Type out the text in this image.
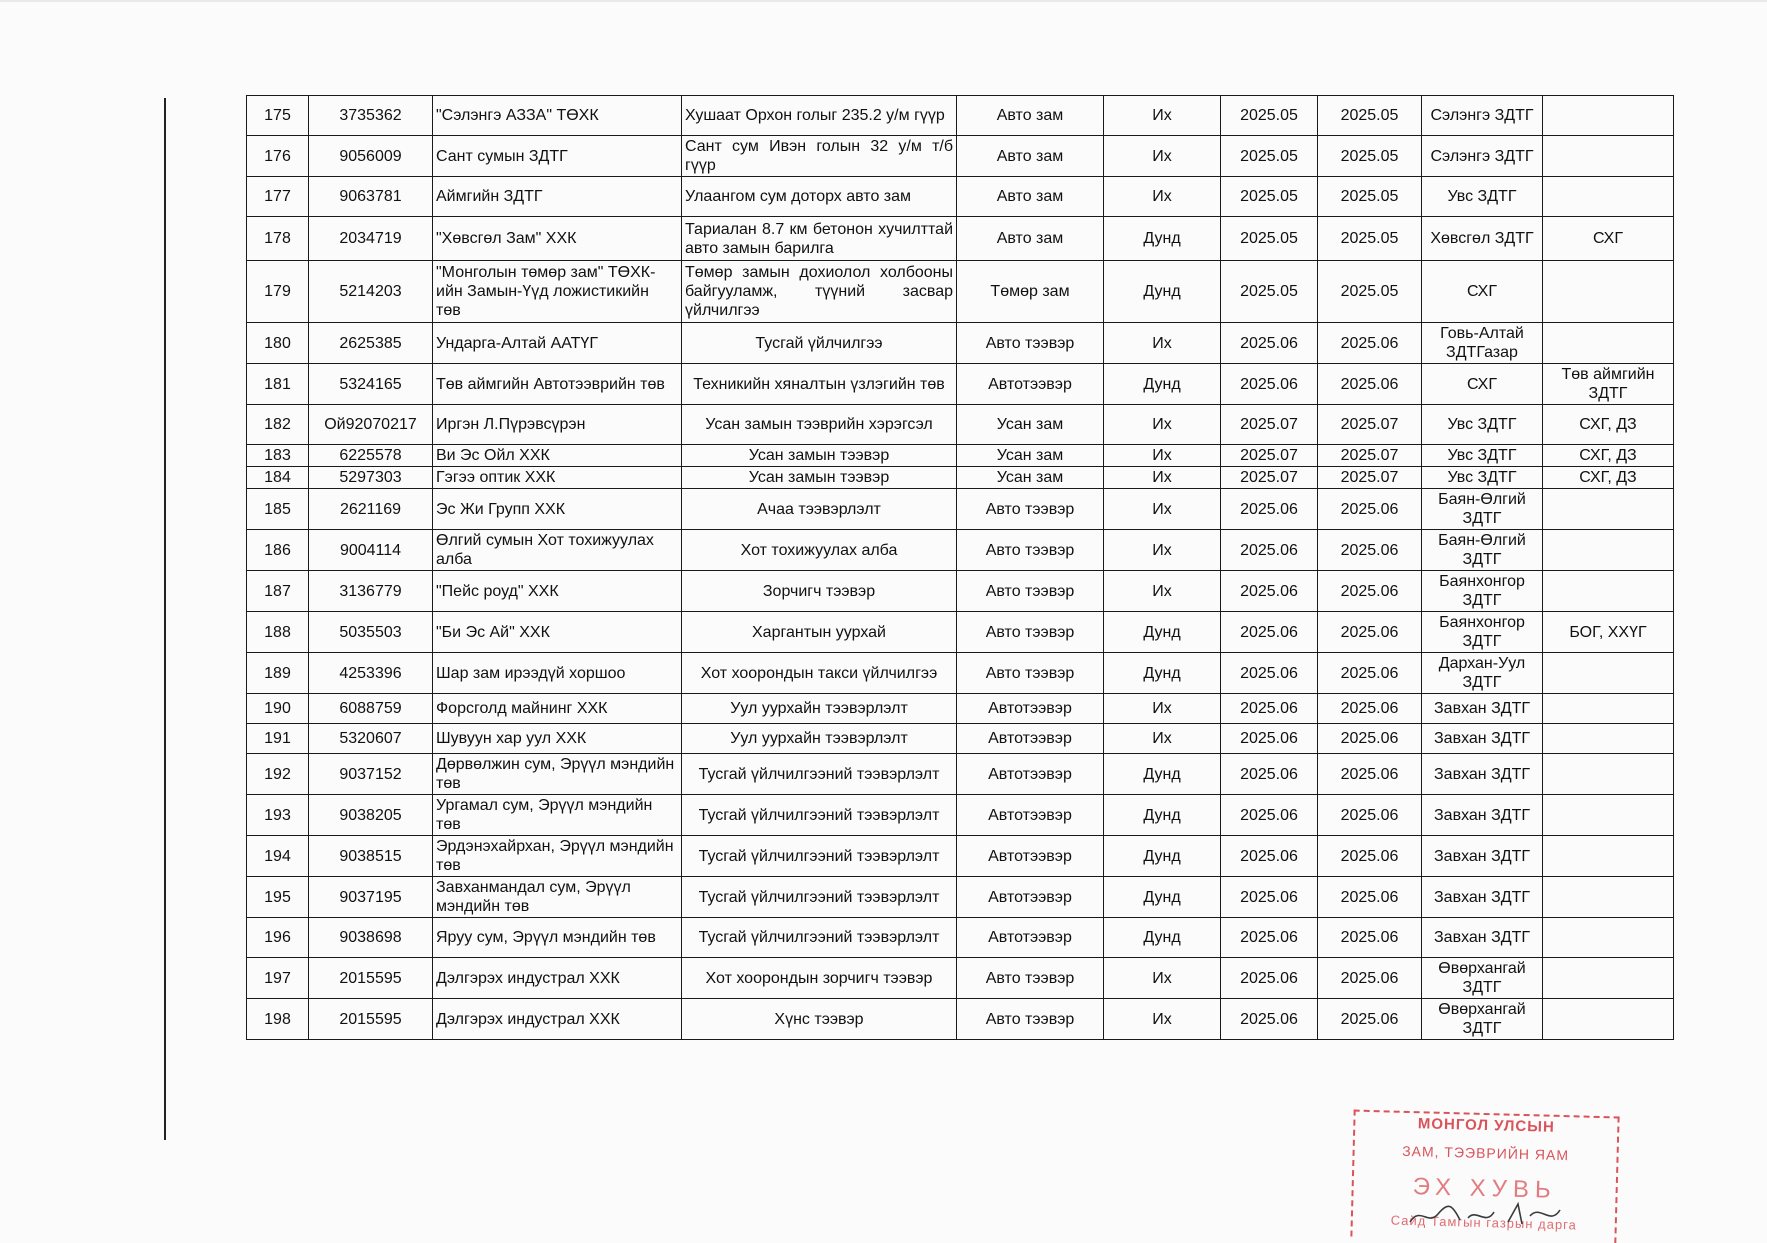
175	3735362	"Сэлэнгэ АЗЗА" ТӨХК	Хушаат Орхон голыг 235.2 у/м гүүр	Авто зам	Их	2025.05	2025.05	Сэлэнгэ ЗДТГ	
176	9056009	Сант сумын ЗДТГ	Сант сум Ивэн голын 32 у/м т/б гүүр	Авто зам	Их	2025.05	2025.05	Сэлэнгэ ЗДТГ	
177	9063781	Аймгийн ЗДТГ	Улаангом сум доторх авто зам	Авто зам	Их	2025.05	2025.05	Увс ЗДТГ	
178	2034719	"Хөвсгөл Зам" ХХК	Тариалан 8.7 км бетонон хучилттай авто замын барилга	Авто зам	Дунд	2025.05	2025.05	Хөвсгөл ЗДТГ	СХГ
179	5214203	"Монголын төмөр зам" ТӨХК-ийн Замын-Үүд ложистикийн төв	Төмөр замын дохиолол холбооны байгууламж, түүний засвар үйлчилгээ	Төмөр зам	Дунд	2025.05	2025.05	СХГ	
180	2625385	Ундарга-Алтай ААТҮГ	Тусгай үйлчилгээ	Авто тээвэр	Их	2025.06	2025.06	Говь-Алтай ЗДТГазар	
181	5324165	Төв аймгийн Автотээврийн төв	Техникийн хяналтын үзлэгийн төв	Автотээвэр	Дунд	2025.06	2025.06	СХГ	Төв аймгийн ЗДТГ
182	Ой92070217	Иргэн Л.Пүрэвсүрэн	Усан замын тээврийн хэрэгсэл	Усан зам	Их	2025.07	2025.07	Увс ЗДТГ	СХГ, ДЗ
183	6225578	Ви Эс Ойл ХХК	Усан замын тээвэр	Усан зам	Их	2025.07	2025.07	Увс ЗДТГ	СХГ, ДЗ
184	5297303	Гэгээ оптик ХХК	Усан замын тээвэр	Усан зам	Их	2025.07	2025.07	Увс ЗДТГ	СХГ, ДЗ
185	2621169	Эс Жи Групп ХХК	Ачаа тээвэрлэлт	Авто тээвэр	Их	2025.06	2025.06	Баян-Өлгий ЗДТГ	
186	9004114	Өлгий сумын Хот тохижуулах алба	Хот тохижуулах алба	Авто тээвэр	Их	2025.06	2025.06	Баян-Өлгий ЗДТГ	
187	3136779	"Пейс роуд" ХХК	Зорчигч тээвэр	Авто тээвэр	Их	2025.06	2025.06	Баянхонгор ЗДТГ	
188	5035503	"Би Эс Ай" ХХК	Харгантын уурхай	Авто тээвэр	Дунд	2025.06	2025.06	Баянхонгор ЗДТГ	БОГ, ХХҮГ
189	4253396	Шар зам ирээдүй хоршоо	Хот хоорондын такси үйлчилгээ	Авто тээвэр	Дунд	2025.06	2025.06	Дархан-Уул ЗДТГ	
190	6088759	Форсголд майнинг ХХК	Уул уурхайн тээвэрлэлт	Автотээвэр	Их	2025.06	2025.06	Завхан ЗДТГ	
191	5320607	Шувуун хар уул ХХК	Уул уурхайн тээвэрлэлт	Автотээвэр	Их	2025.06	2025.06	Завхан ЗДТГ	
192	9037152	Дөрвөлжин сум, Эрүүл мэндийн төв	Тусгай үйлчилгээний тээвэрлэлт	Автотээвэр	Дунд	2025.06	2025.06	Завхан ЗДТГ	
193	9038205	Ургамал сум, Эрүүл мэндийн төв	Тусгай үйлчилгээний тээвэрлэлт	Автотээвэр	Дунд	2025.06	2025.06	Завхан ЗДТГ	
194	9038515	Эрдэнэхайрхан, Эрүүл мэндийн төв	Тусгай үйлчилгээний тээвэрлэлт	Автотээвэр	Дунд	2025.06	2025.06	Завхан ЗДТГ	
195	9037195	Завханмандал сум, Эрүүл мэндийн төв	Тусгай үйлчилгээний тээвэрлэлт	Автотээвэр	Дунд	2025.06	2025.06	Завхан ЗДТГ	
196	9038698	Яруу сум, Эрүүл мэндийн төв	Тусгай үйлчилгээний тээвэрлэлт	Автотээвэр	Дунд	2025.06	2025.06	Завхан ЗДТГ	
197	2015595	Дэлгэрэх индустрал ХХК	Хот хоорондын зорчигч тээвэр	Авто тээвэр	Их	2025.06	2025.06	Өвөрхангай ЗДТГ	
198	2015595	Дэлгэрэх индустрал ХХК	Хүнс тээвэр	Авто тээвэр	Их	2025.06	2025.06	Өвөрхангай ЗДТГ	
МОНГОЛ УЛСЫН
ЗАМ, ТЭЭВРИЙН ЯАМ
ЭХ ХУВЬ
Сайд Тамгын газрын дарга
